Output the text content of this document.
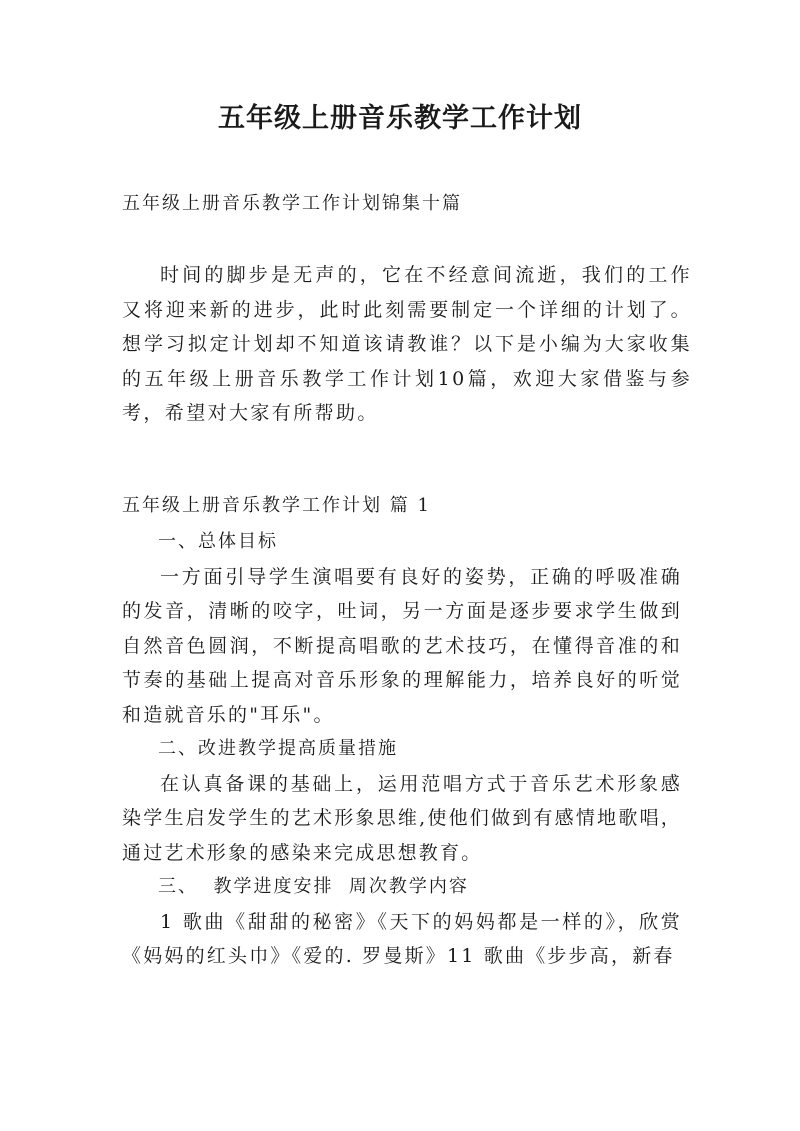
五年级上册音乐教学工作计划
五年级上册音乐教学工作计划锦集十篇

时间的脚步是无声的，它在不经意间流逝，我们的工作又将迎来新的进步，此时此刻需要制定一个详细的计划了。想学习拟定计划却不知道该请教谁？以下是小编为大家收集的五年级上册音乐教学工作计划10篇，欢迎大家借鉴与参考，希望对大家有所帮助。

五年级上册音乐教学工作计划 篇 1

一、总体目标

一方面引导学生演唱要有良好的姿势，正确的呼吸准确的发音，清晰的咬字，吐词，另一方面是逐步要求学生做到自然音色圆润，不断提高唱歌的艺术技巧，在懂得音准的和节奏的基础上提高对音乐形象的理解能力，培养良好的听觉和造就音乐的"耳乐"。

二、改进教学提高质量措施

在认真备课的基础上，运用范唱方式于音乐艺术形象感染学生启发学生的艺术形象思维,使他们做到有感情地歌唱，通过艺术形象的感染来完成思想教育。

三、  教学进度安排  周次教学内容

1 歌曲《甜甜的秘密》《天下的妈妈都是一样的》，欣赏《妈妈的红头巾》《爱的. 罗曼斯》11 歌曲《步步高，新春
